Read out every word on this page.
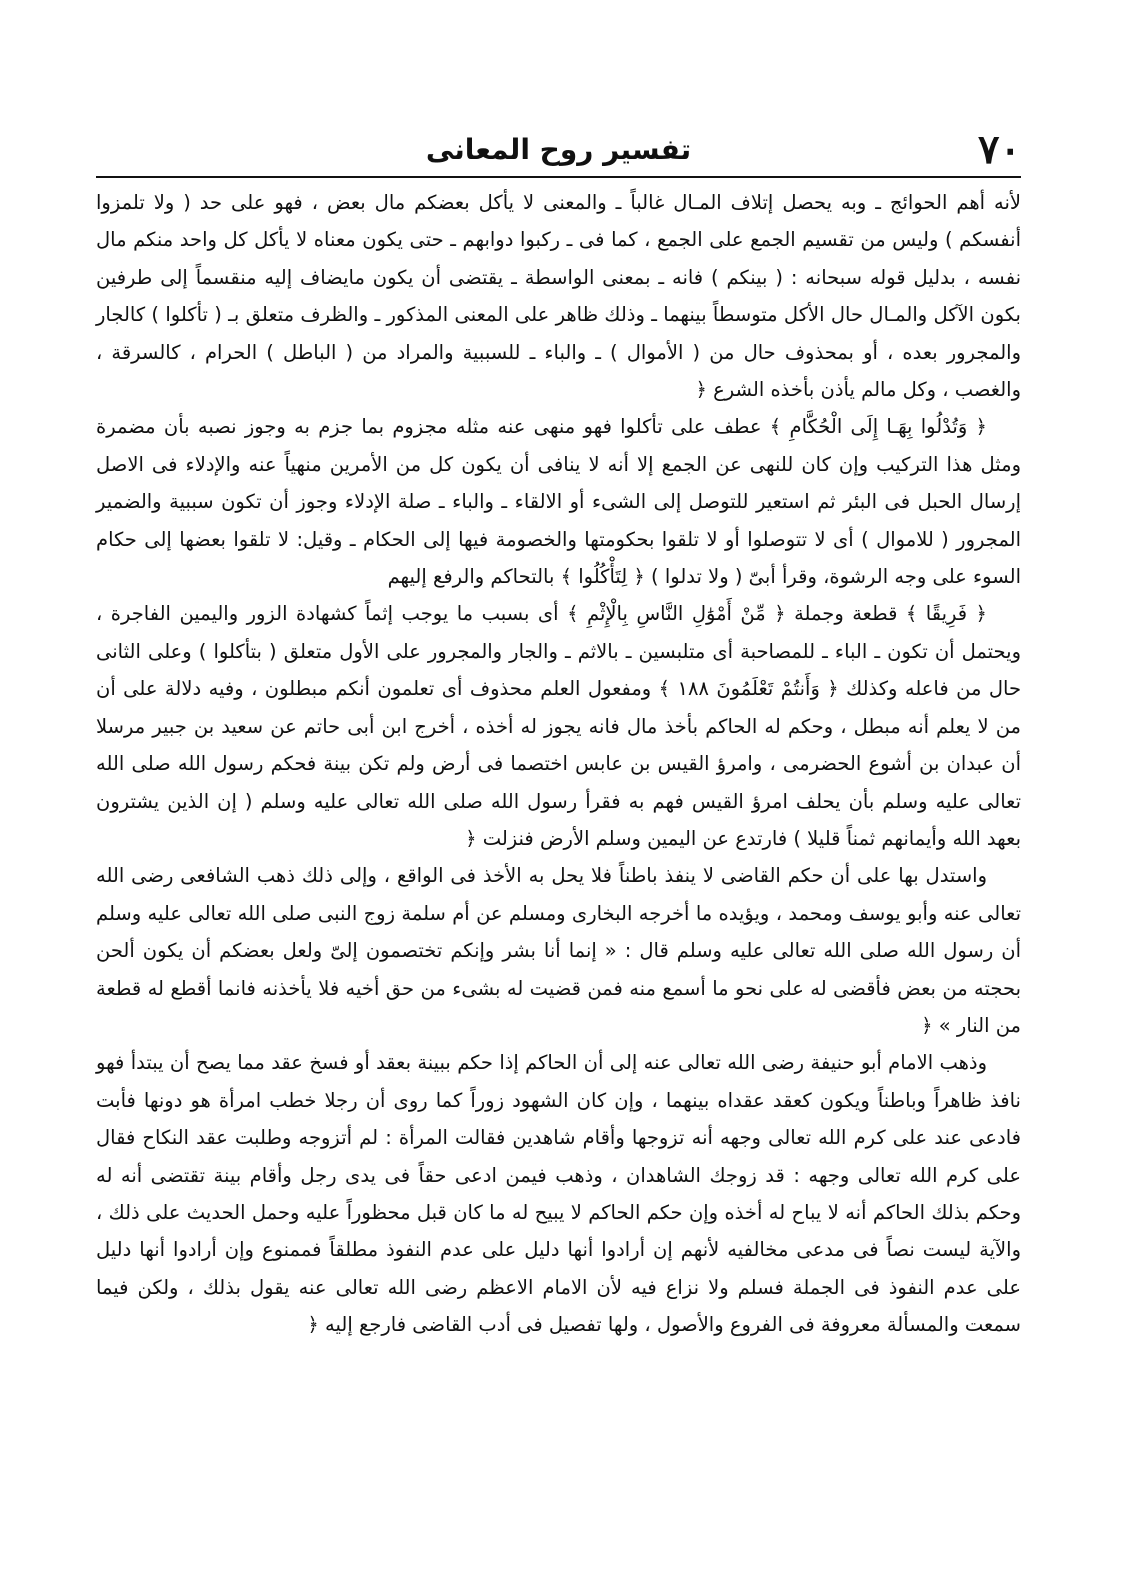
٧٠
تفسير روح المعانى

لأنه أهم الحوائج ـ وبه يحصل إتلاف المـال غالباً ـ والمعنى لا يأكل بعضكم مال بعض ، فهو على حد ( ولا تلمزوا أنفسكم ) وليس من تقسيم الجمع على الجمع ، كما فى ـ ركبوا دوابهم ـ حتى يكون معناه لا يأكل كل واحد منكم مال نفسه ، بدليل قوله سبحانه : ( بينكم ) فانه ـ بمعنى الواسطة ـ يقتضى أن يكون مايضاف إليه منقسماً إلى طرفين بكون الآكل والمـال حال الأكل متوسطاً بينهما ـ وذلك ظاهر على المعنى المذكور ـ والظرف متعلق بـ ( تأكلوا ) كالجار والمجرور بعده ، أو بمحذوف حال من ( الأموال ) ـ والباء ـ للسببية والمراد من ( الباطل ) الحرام ، كالسرقة ، والغصب ، وكل مالم يأذن بأخذه الشرع ﴿

﴿ وَتُدْلُوا بِهَـا إِلَى الْحُكَّامِ ﴾ عطف على تأكلوا فهو منهى عنه مثله مجزوم بما جزم به وجوز نصبه بأن مضمرة ومثل هذا التركيب وإن كان للنهى عن الجمع إلا أنه لا ينافى أن يكون كل من الأمرين منهياً عنه والإدلاء فى الاصل إرسال الحبل فى البئر ثم استعير للتوصل إلى الشىء أو الالقاء ـ والباء ـ صلة الإدلاء وجوز أن تكون سببية والضمير المجرور ( للاموال ) أى لا تتوصلوا أو لا تلقوا بحكومتها والخصومة فيها إلى الحكام ـ وقيل: لا تلقوا بعضها إلى حكام السوء على وجه الرشوة، وقرأ أبىّ ( ولا تدلوا ) ﴿ لِتَأْكُلُوا ﴾ بالتحاكم والرفع إليهم

﴿ فَرِيقًا ﴾ قطعة وجملة ﴿ مِّنْ أَمْوَٰلِ النَّاسِ بِالْإِثْمِ ﴾ أى بسبب ما يوجب إثماً كشهادة الزور واليمين الفاجرة ، ويحتمل أن تكون ـ الباء ـ للمصاحبة أى متلبسين ـ بالاثم ـ والجار والمجرور على الأول متعلق ( بتأكلوا ) وعلى الثانى حال من فاعله وكذلك ﴿ وَأَنتُمْ تَعْلَمُونَ ١٨٨ ﴾ ومفعول العلم محذوف أى تعلمون أنكم مبطلون ، وفيه دلالة على أن من لا يعلم أنه مبطل ، وحكم له الحاكم بأخذ مال فانه يجوز له أخذه ، أخرج ابن أبى حاتم عن سعيد بن جبير مرسلا أن عبدان بن أشوع الحضرمى ، وامرؤ القيس بن عابس اختصما فى أرض ولم تكن بينة فحكم رسول الله صلى الله تعالى عليه وسلم بأن يحلف امرؤ القيس فهم به فقرأ رسول الله صلى الله تعالى عليه وسلم ( إن الذين يشترون بعهد الله وأيمانهم ثمناً قليلا ) فارتدع عن اليمين وسلم الأرض فنزلت ﴿

واستدل بها على أن حكم القاضى لا ينفذ باطناً فلا يحل به الأخذ فى الواقع ، وإلى ذلك ذهب الشافعى رضى الله تعالى عنه وأبو يوسف ومحمد ، ويؤيده ما أخرجه البخارى ومسلم عن أم سلمة زوج النبى صلى الله تعالى عليه وسلم أن رسول الله صلى الله تعالى عليه وسلم قال : « إنما أنا بشر وإنكم تختصمون إلىّ ولعل بعضكم أن يكون ألحن بحجته من بعض فأقضى له على نحو ما أسمع منه فمن قضيت له بشىء من حق أخيه فلا يأخذنه فانما أقطع له قطعة من النار » ﴿

وذهب الامام أبو حنيفة رضى الله تعالى عنه إلى أن الحاكم إذا حكم ببينة بعقد أو فسخ عقد مما يصح أن يبتدأ فهو نافذ ظاهراً وباطناً ويكون كعقد عقداه بينهما ، وإن كان الشهود زوراً كما روى أن رجلا خطب امرأة هو دونها فأبت فادعى عند على كرم الله تعالى وجهه أنه تزوجها وأقام شاهدين فقالت المرأة : لم أتزوجه وطلبت عقد النكاح فقال على كرم الله تعالى وجهه : قد زوجك الشاهدان ، وذهب فيمن ادعى حقاً فى يدى رجل وأقام بينة تقتضى أنه له وحكم بذلك الحاكم أنه لا يباح له أخذه وإن حكم الحاكم لا يبيح له ما كان قبل محظوراً عليه وحمل الحديث على ذلك ، والآية ليست نصاً فى مدعى مخالفيه لأنهم إن أرادوا أنها دليل على عدم النفوذ مطلقاً فممنوع وإن أرادوا أنها دليل على عدم النفوذ فى الجملة فسلم ولا نزاع فيه لأن الامام الاعظم رضى الله تعالى عنه يقول بذلك ، ولكن فيما سمعت والمسألة معروفة فى الفروع والأصول ، ولها تفصيل فى أدب القاضى فارجع إليه ﴿
